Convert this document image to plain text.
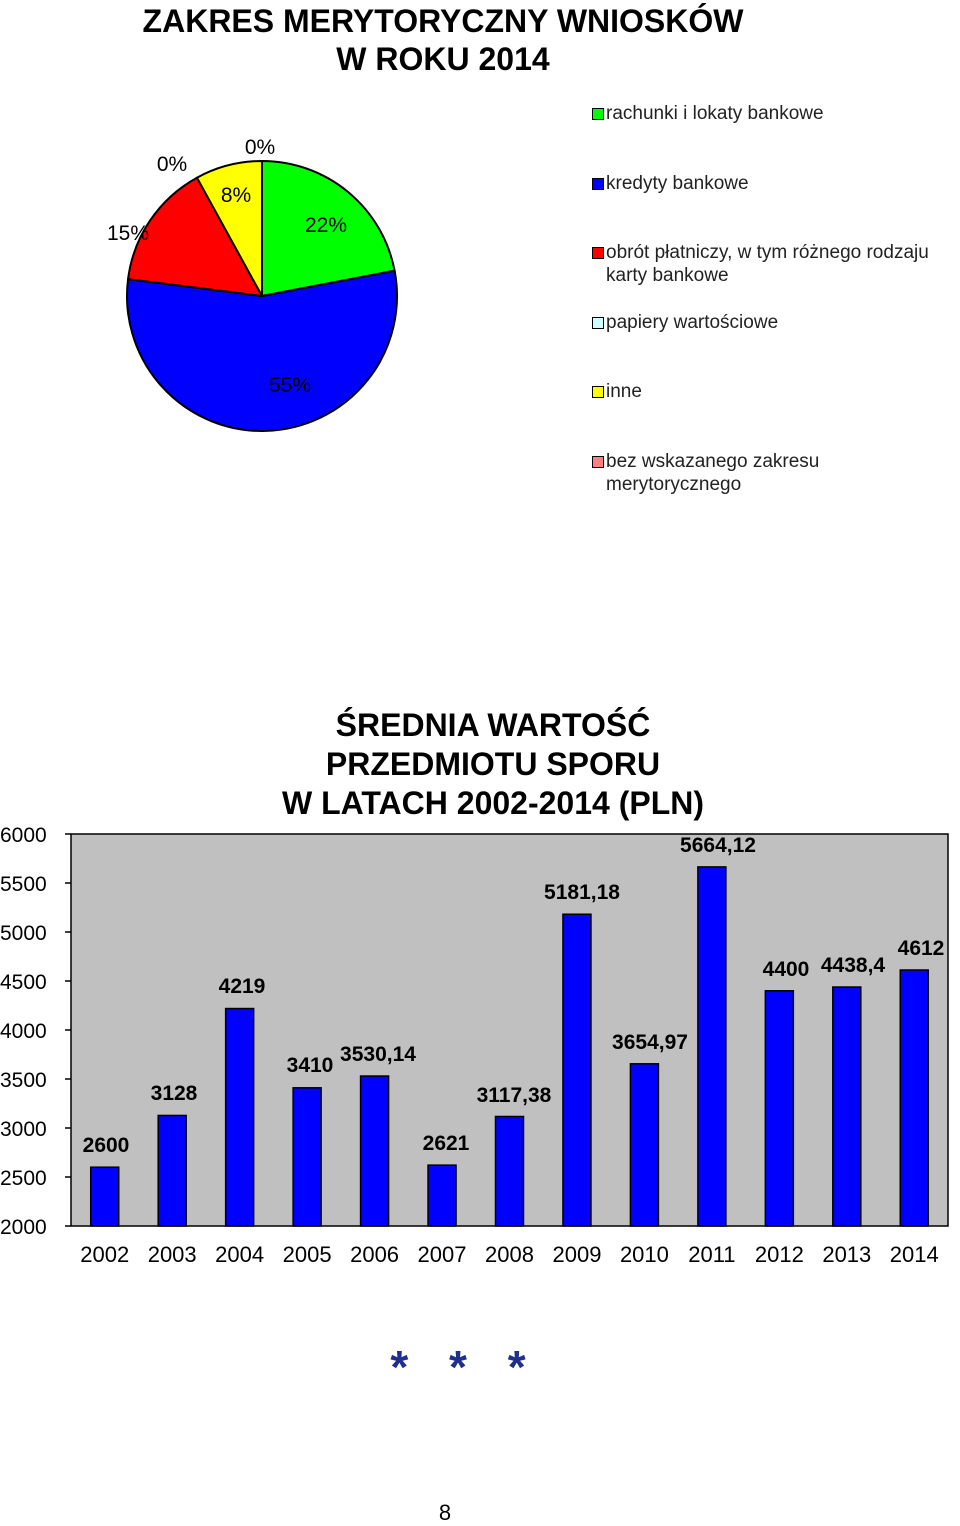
ZAKRES MERYTORYCZNY WNIOSKÓW
W ROKU 2014
22%
55%
15%
0%
8%
0%
rachunki i lokaty bankowe
kredyty bankowe
obrót płatniczy, w tym różnego rodzaju karty bankowe
papiery wartościowe
inne
bez wskazanego zakresu merytorycznego
2000
2500
3000
3500
4000
4500
5000
5500
6000
2002
2600
2003
3128
2004
4219
2005
3410
2006
3530,14
2007
2621
2008
3117,38
2009
5181,18
2010
3654,97
2011
5664,12
2012
4400
2013
4438,4
2014
4612
ŚREDNIA WARTOŚĆ
PRZEDMIOTU SPORU
W LATACH 2002-2014 (PLN)
* * *
8
